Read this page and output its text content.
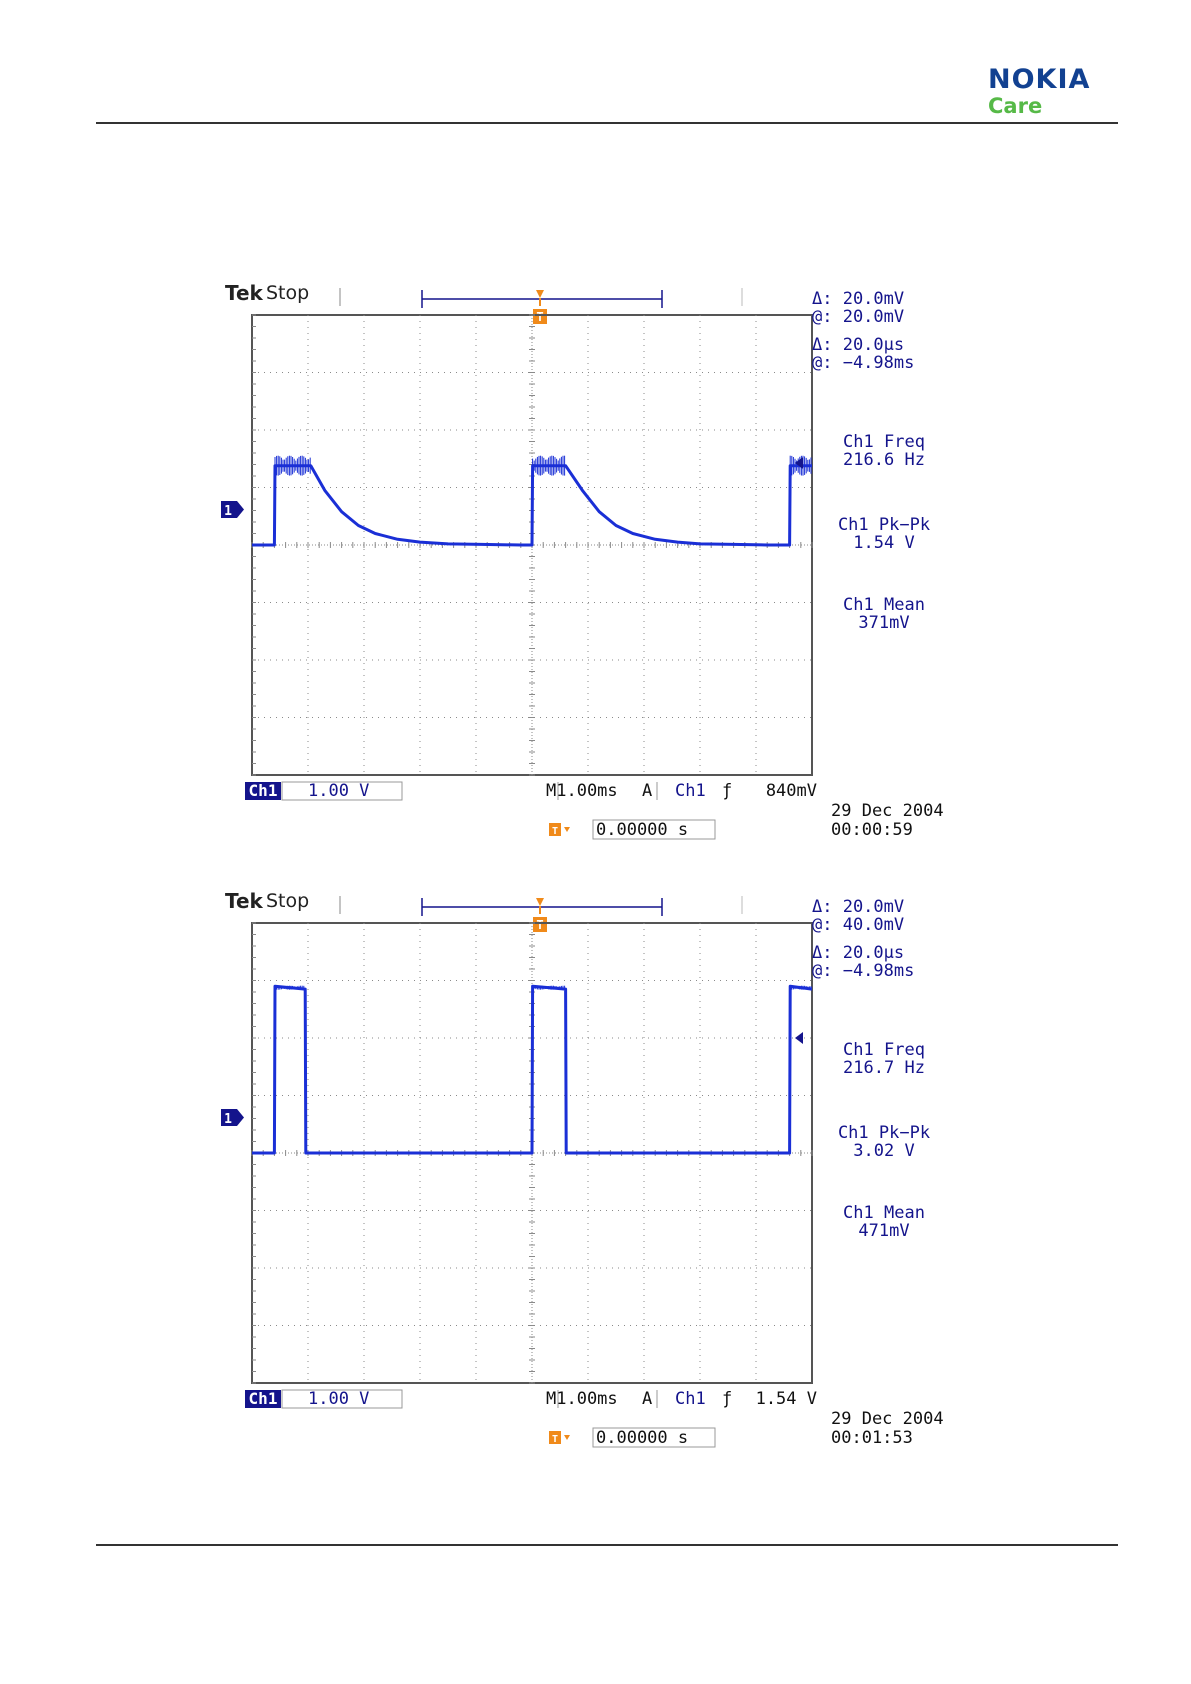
NOKIA
Care
Tek Stop
T
1
Δ: 20.0mV
@: 20.0mV
Δ: 20.0μs
@: −4.98ms
Ch1 Freq
216.6 Hz
Ch1 Pk−Pk
1.54 V
Ch1 Mean
371mV
Ch1 1.00 V	M1.00ms A Ch1 ƒ 840mV
T 0.00000 s
29 Dec 2004
00:00:59
Tek Stop
T
1
Δ: 20.0mV
@: 40.0mV
Δ: 20.0μs
@: −4.98ms
Ch1 Freq
216.7 Hz
Ch1 Pk−Pk
3.02 V
Ch1 Mean
471mV
Ch1 1.00 V	M1.00ms A Ch1 ƒ 1.54 V
T 0.00000 s
29 Dec 2004
00:01:53
